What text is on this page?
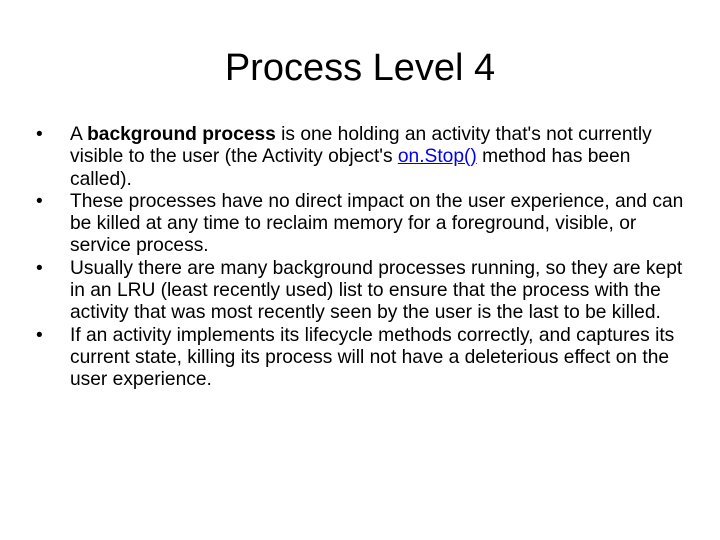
Process Level 4
•	A background process is one holding an activity that's not currently visible to the user (the Activity object's on.Stop() method has been called).
•	These processes have no direct impact on the user experience, and can be killed at any time to reclaim memory for a foreground, visible, or service process.
•	Usually there are many background processes running, so they are kept in an LRU (least recently used) list to ensure that the process with the activity that was most recently seen by the user is the last to be killed.
•	If an activity implements its lifecycle methods correctly, and captures its current state, killing its process will not have a deleterious effect on the user experience.
